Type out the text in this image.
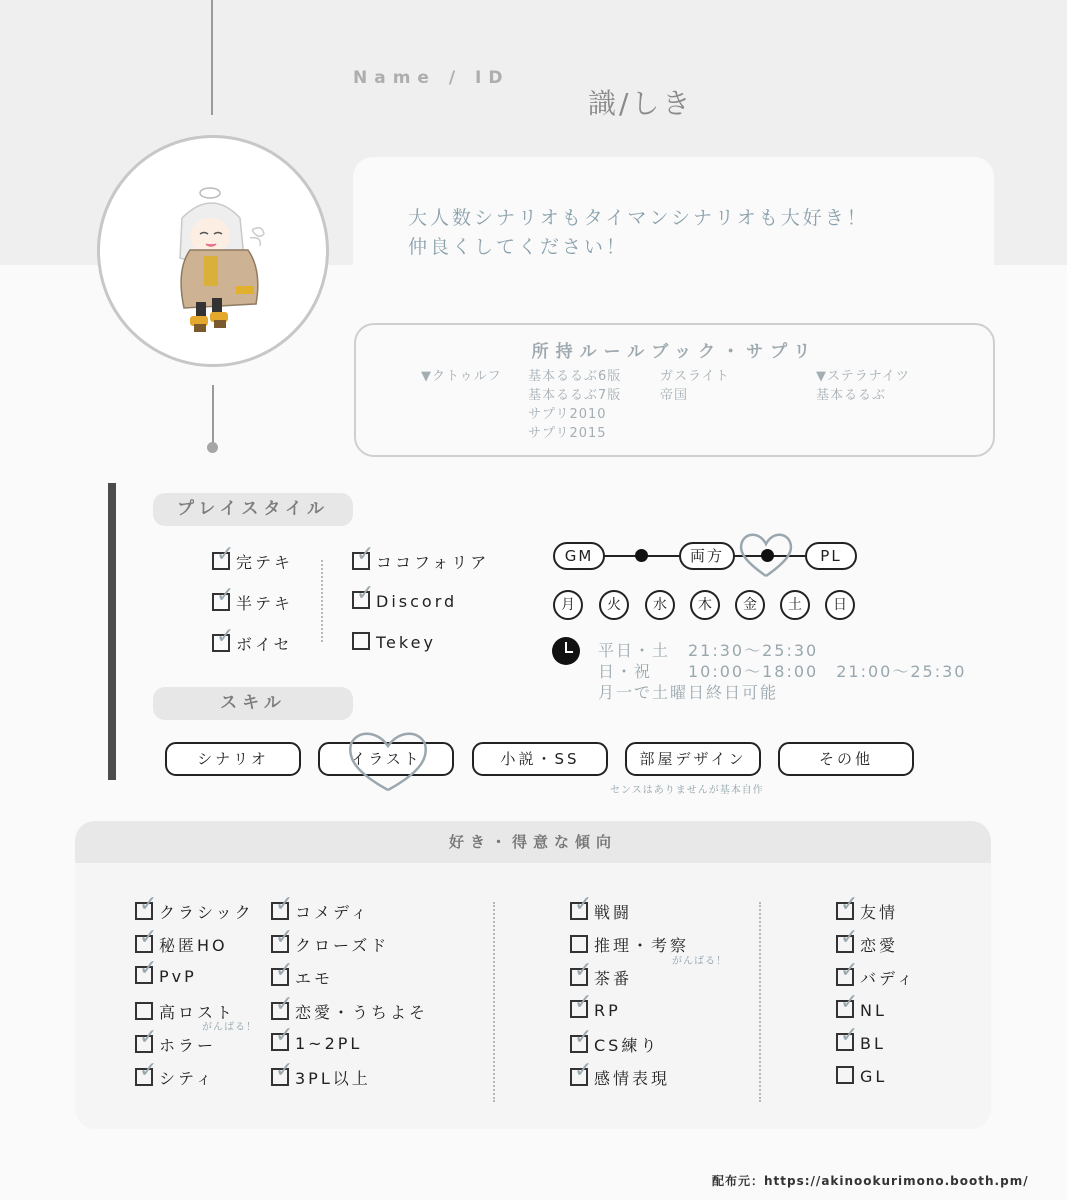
Name / ID
識/しき
大人数シナリオもタイマンシナリオも大好き！
仲良くしてください！
所持ルールブック・サプリ
▼クトゥルフ 基本るるぶ6版
基本るるぶ7版
サプリ2010
サプリ2015
ガスライト
帝国
▼ステラナイツ
基本るるぶ
プレイスタイル
✓
完テキ
✓
半テキ
✓
ボイセ
✓
ココフォリア
✓
Discord
Tekey
GM	両方	PL
月	火	水	木	金	土	日
平日・土　21:30〜25:30
日・祝　　10:00〜18:00　21:00〜25:30
月一で土曜日終日可能
スキル
シナリオ	イラスト	小説・SS	部屋デザイン	その他
センスはありませんが基本自作
好き・得意な傾向
✓
クラシック
✓
秘匿HO
✓
PvP
高ロスト
がんばる！
✓
ホラー
✓
シティ
✓
コメディ
✓
クローズド
✓
エモ
✓
恋愛・うちよそ
✓
1~2PL
✓
3PL以上
✓
戦闘
推理・考察
がんばる！
✓
茶番
✓
RP
✓
CS練り
✓
感情表現
✓
友情
✓
恋愛
✓
バディ
✓
NL
✓
BL
GL
配布元：https://akinookurimono.booth.pm/
